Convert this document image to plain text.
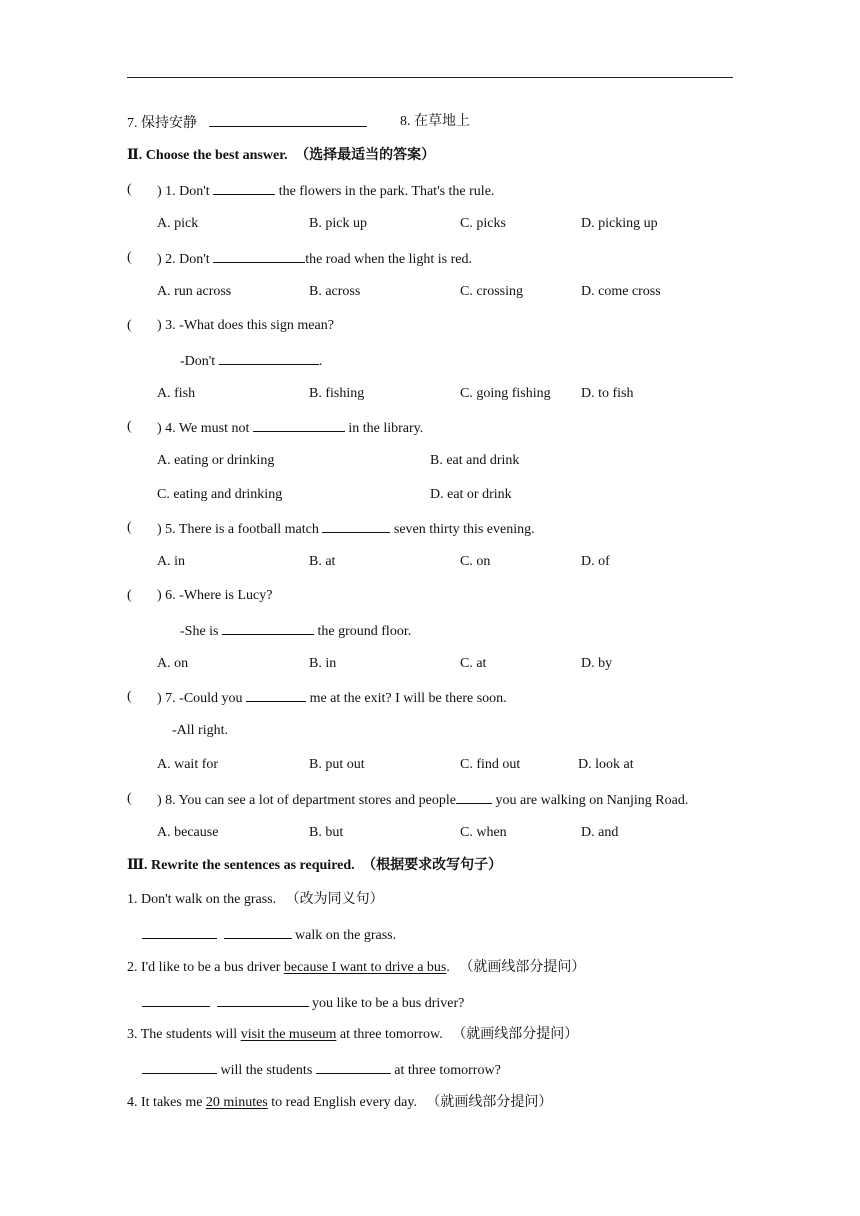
7. 保持安静	8. 在草地上
Ⅱ. Choose the best answer. （选择最适当的答案）
( ) 1. Don't	the flowers in the park. That's the rule.
A. pick	B. pick up	C. picks	D. picking up
( ) 2. Don't	the road when the light is red.
A. run across	B. across	C. crossing	D. come cross
( ) 3. -What does this sign mean?
-Don't	.
A. fish	B. fishing	C. going fishing D. to fish
( ) 4. We must not	in the library.
A. eating or drinking	B. eat and drink
C. eating and drinking	D. eat or drink
( ) 5. There is a football match	seven thirty this evening.
A. in	B. at	C. on	D. of
( ) 6. -Where is Lucy?
-She is	the ground floor.
A. on	B. in	C. at	D. by
( ) 7. -Could you	me at the exit? I will be there soon.
-All right.
A. wait for	B. put out	C. find out	D. look at
( ) 8. You can see a lot of department stores and people	you are walking on Nanjing Road.
A. because	B. but	C. when	D. and
Ⅲ. Rewrite the sentences as required. （根据要求改写句子）
1. Don't walk on the grass. （改为同义句）
walk on the grass.
2. I'd like to be a bus driver because I want to drive a bus. （就画线部分提问）
you like to be a bus driver?
3. The students will visit the museum at three tomorrow. （就画线部分提问）
will the students	at three tomorrow?
4. It takes me 20 minutes to read English every day. （就画线部分提问）
